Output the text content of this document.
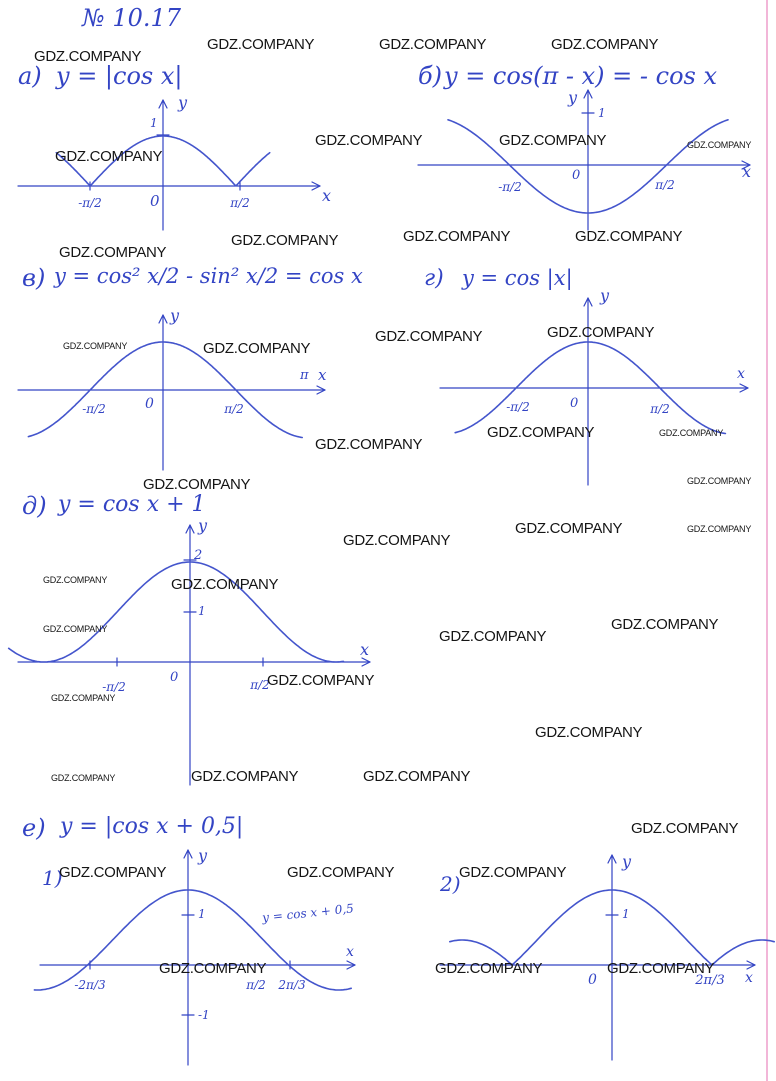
№ 10.17
а) y = |cos x|
y
x
0
1
-π/2	π/2
б) y = cos(π - x) = - cos x
y
x
0
1
-π/2	π/2
в) y = cos² x/2 - sin² x/2 = cos x
y
x
π
0
-π/2	π/2
г) y = cos |x|
y
x
0
-π/2	π/2
д) y = cos x + 1
y
x
0
1
2
-π/2	π/2
е) y = |cos x + 0,5|
1)
y
x
1
-1
-2π/3	π/2	2π/3
y = cos x + 0,5
2)
y
x
0
1
2π/3
GDZ.COMPANY
GDZ.COMPANY	GDZ.COMPANY	GDZ.COMPANY
GDZ.COMPANY
GDZ.COMPANY	GDZ.COMPANY	GDZ.COMPANY
GDZ.COMPANY
GDZ.COMPANY	GDZ.COMPANY	GDZ.COMPANY
GDZ.COMPANY	GDZ.COMPANY
GDZ.COMPANY	GDZ.COMPANY
GDZ.COMPANY
GDZ.COMPANY	GDZ.COMPANY
GDZ.COMPANY
GDZ.COMPANY
GDZ.COMPANY	GDZ.COMPANY
GDZ.COMPANY
GDZ.COMPANY	GDZ.COMPANY
GDZ.COMPANY	GDZ.COMPANY
GDZ.COMPANY
GDZ.COMPANY
GDZ.COMPANY
GDZ.COMPANY
GDZ.COMPANY	GDZ.COMPANY	GDZ.COMPANY
GDZ.COMPANY
GDZ.COMPANY	GDZ.COMPANY	GDZ.COMPANY
GDZ.COMPANY	GDZ.COMPANY	GDZ.COMPANY
